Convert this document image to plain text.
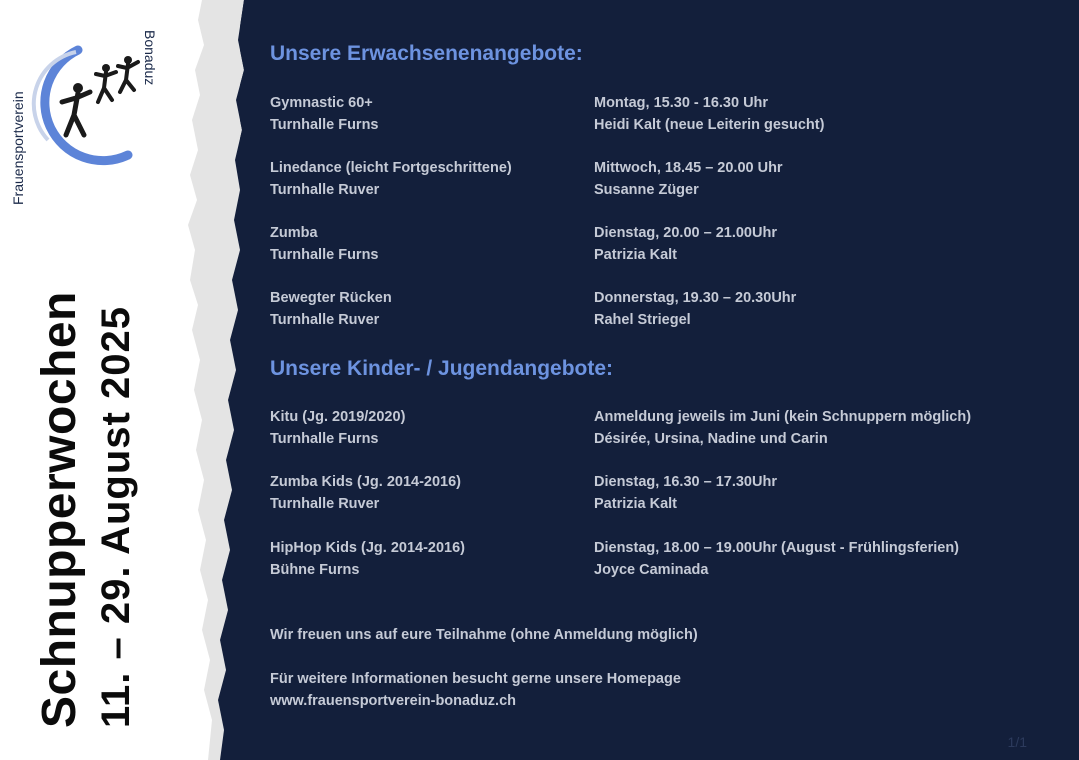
Bonaduz
Schnupperwochen 11. – 29. August 2025
Unsere Erwachsenenangebote:
Gymnastic 60+
Turnhalle Furns
Montag, 15.30 - 16.30 Uhr
Heidi Kalt (neue Leiterin gesucht)
Linedance (leicht Fortgeschrittene)
Turnhalle Ruver
Mittwoch, 18.45 – 20.00 Uhr
Susanne Züger
Zumba
Turnhalle Furns
Dienstag, 20.00 – 21.00Uhr
Patrizia Kalt
Bewegter Rücken
Turnhalle Ruver
Donnerstag, 19.30 – 20.30Uhr
Rahel Striegel
Unsere Kinder- / Jugendangebote:
Kitu (Jg. 2019/2020)
Turnhalle Furns
Anmeldung jeweils im Juni (kein Schnuppern möglich)
Désirée, Ursina, Nadine und Carin
Zumba Kids (Jg. 2014-2016)
Turnhalle Ruver
Dienstag, 16.30 – 17.30Uhr
Patrizia Kalt
HipHop Kids (Jg. 2014-2016)
Bühne Furns
Dienstag, 18.00 – 19.00Uhr (August - Frühlingsferien)
Joyce Caminada
Wir freuen uns auf eure Teilnahme (ohne Anmeldung möglich)
Für weitere Informationen besucht gerne unsere Homepage
www.frauensportverein-bonaduz.ch
1/1
